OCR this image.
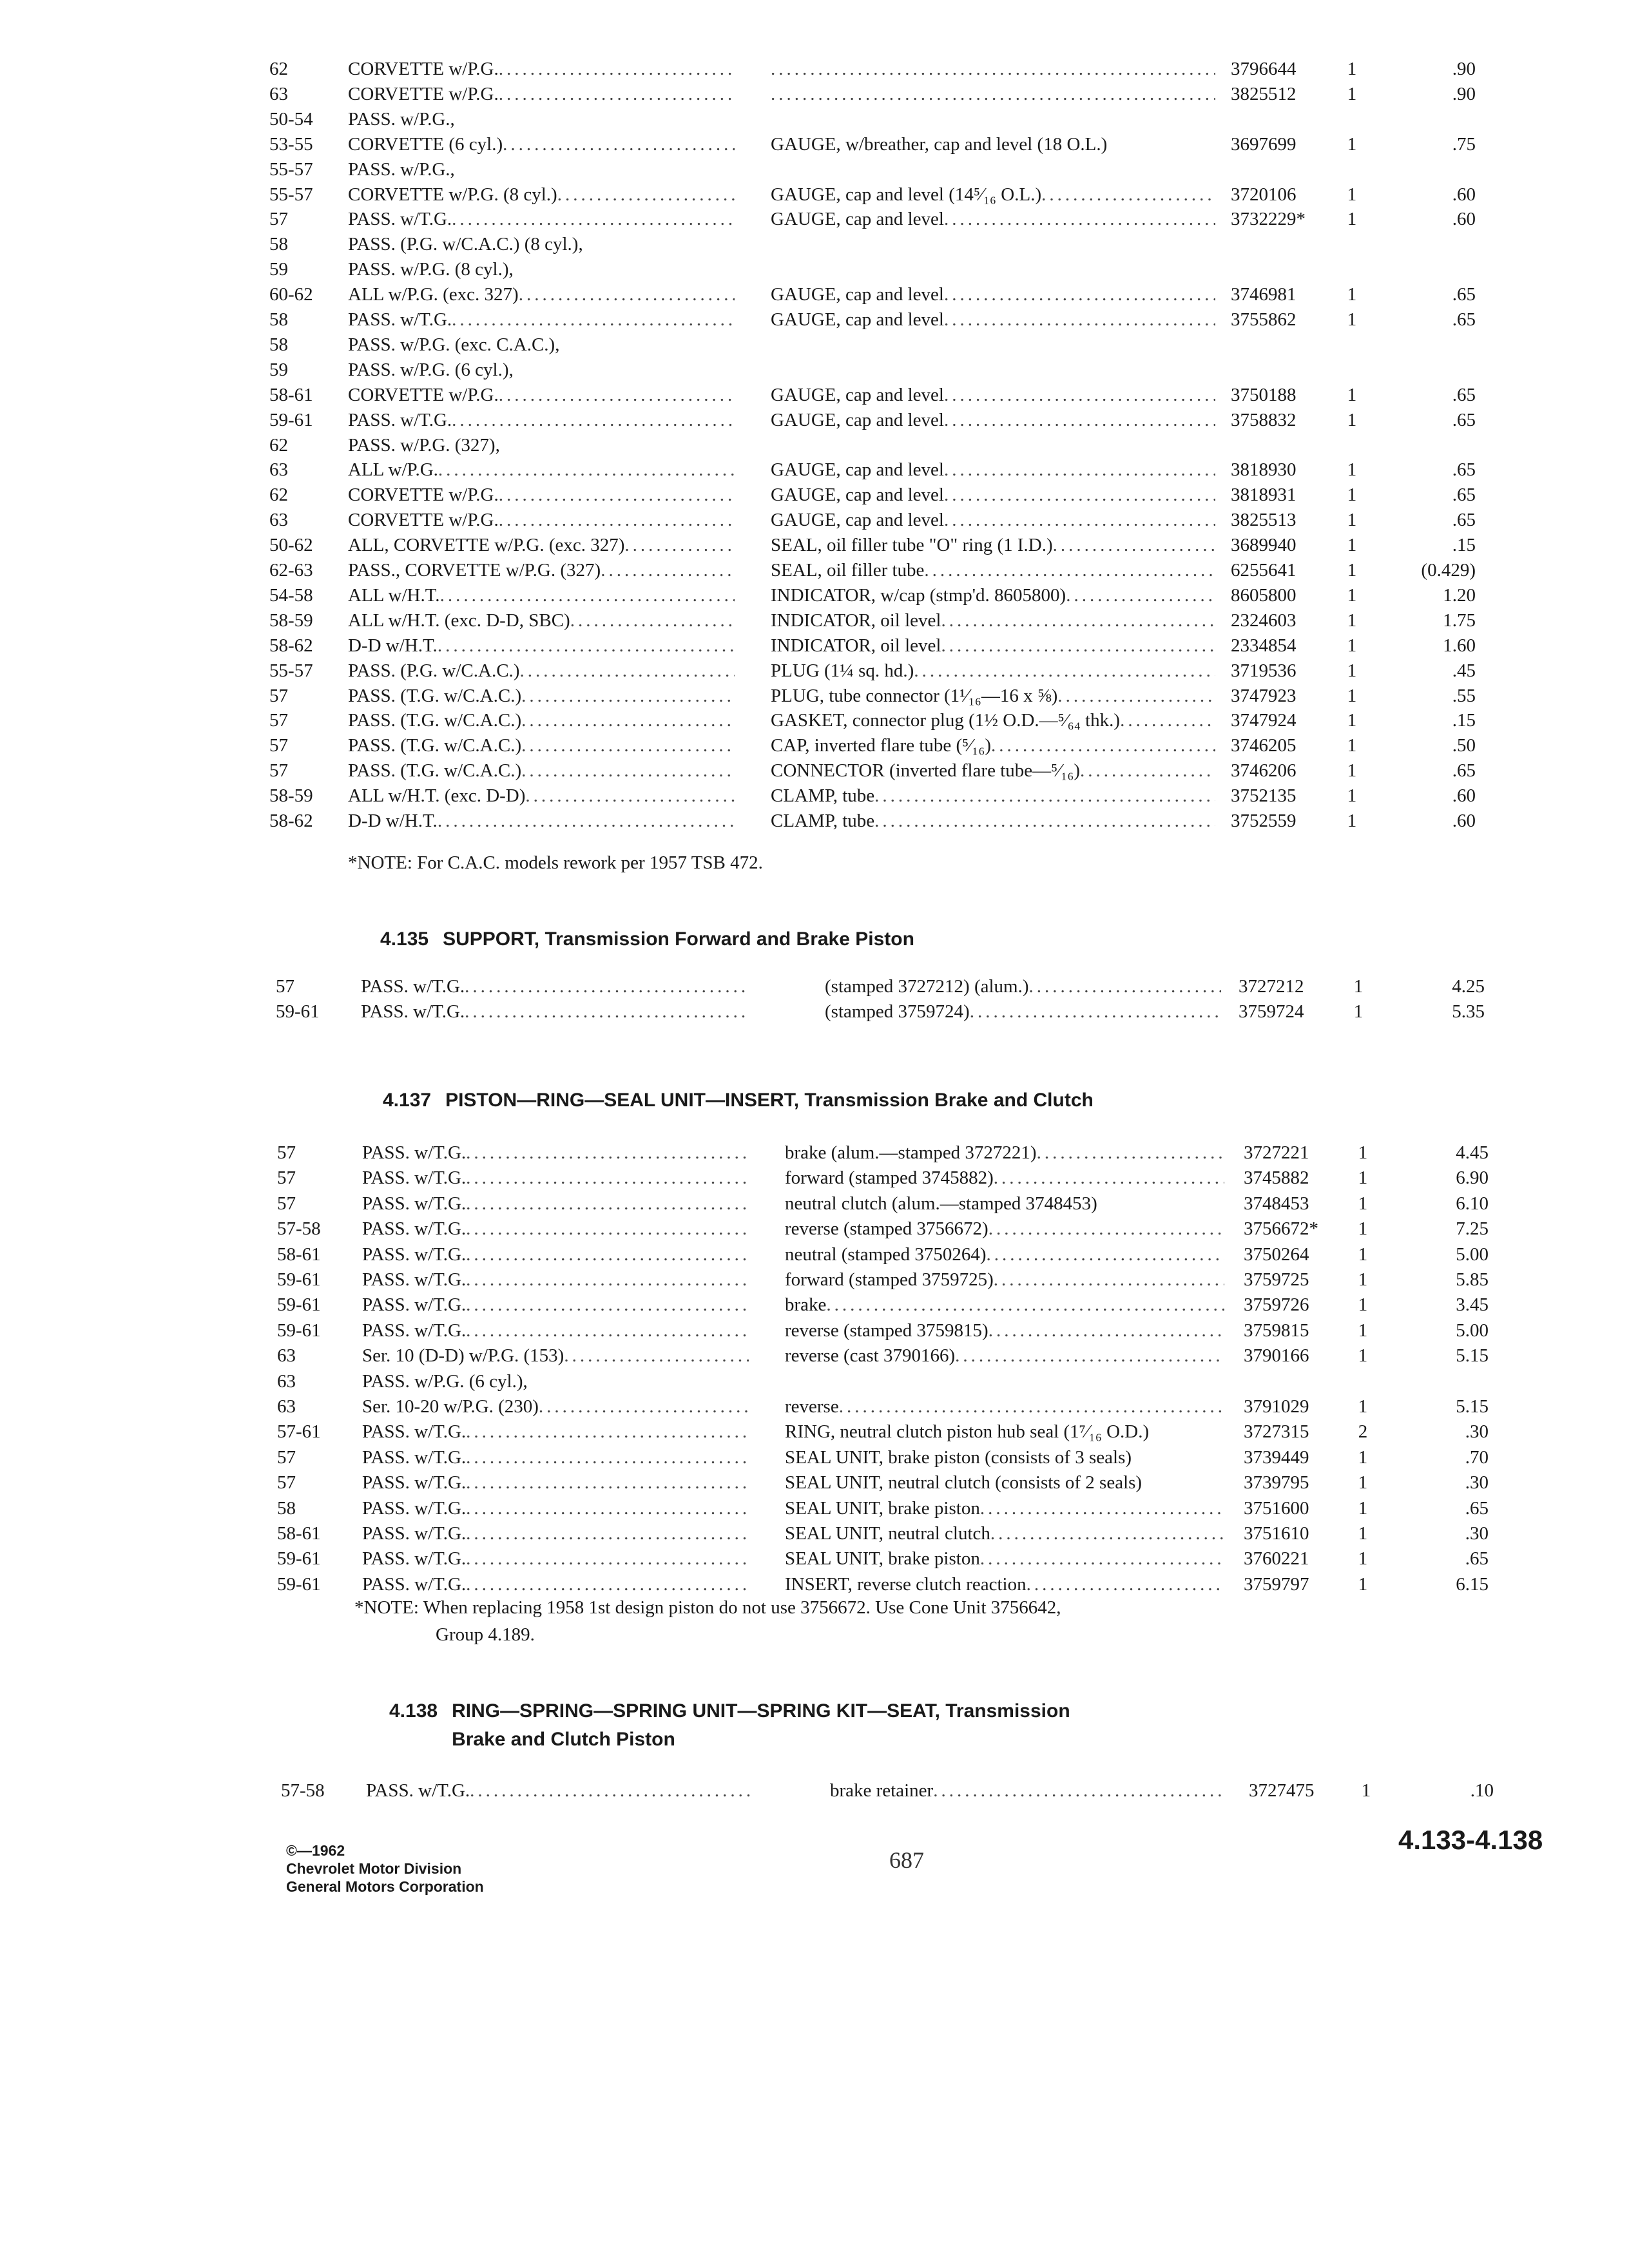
62	CORVETTE w/P.G. ..... .....	3796644	1	.90
63	CORVETTE w/P.G. ..... .....	3825512	1	.90
50-54	PASS. w/P.G.,
53-55	CORVETTE (6 cyl.) .....	GAUGE, w/breather, cap and level (18 O.L.)	3697699	1	.75
55-57	PASS. w/P.G.,
55-57	CORVETTE w/P.G. (8 cyl.) .....	GAUGE, cap and level (14⁵⁄₁₆ O.L.) .....	3720106	1	.60
57	PASS. w/T.G. .....	GAUGE, cap and level .....	3732229*	1	.60
58	PASS. (P.G. w/C.A.C.) (8 cyl.),
59	PASS. w/P.G. (8 cyl.),
60-62	ALL w/P.G. (exc. 327) .....	GAUGE, cap and level .....	3746981	1	.65
58	PASS. w/T.G. .....	GAUGE, cap and level .....	3755862	1	.65
58	PASS. w/P.G. (exc. C.A.C.),
59	PASS. w/P.G. (6 cyl.),
58-61	CORVETTE w/P.G. .....	GAUGE, cap and level .....	3750188	1	.65
59-61	PASS. w/T.G. .....	GAUGE, cap and level .....	3758832	1	.65
62	PASS. w/P.G. (327),
63	ALL w/P.G. .....	GAUGE, cap and level .....	3818930	1	.65
62	CORVETTE w/P.G. .....	GAUGE, cap and level .....	3818931	1	.65
63	CORVETTE w/P.G. .....	GAUGE, cap and level .....	3825513	1	.65
50-62	ALL, CORVETTE w/P.G. (exc. 327) .....	SEAL, oil filler tube "O" ring (1 I.D.) .....	3689940	1	.15
62-63	PASS., CORVETTE w/P.G. (327) .....	SEAL, oil filler tube .....	6255641	1	(0.429)
54-58	ALL w/H.T. .....	INDICATOR, w/cap (stmp'd. 8605800) .....	8605800	1	1.20
58-59	ALL w/H.T. (exc. D-D, SBC) .....	INDICATOR, oil level .....	2324603	1	1.75
58-62	D-D w/H.T. .....	INDICATOR, oil level .....	2334854	1	1.60
55-57	PASS. (P.G. w/C.A.C.) .....	PLUG (1¼ sq. hd.) .....	3719536	1	.45
57	PASS. (T.G. w/C.A.C.) .....	PLUG, tube connector (1¹⁄₁₆—16 x ⅝) .....	3747923	1	.55
57	PASS. (T.G. w/C.A.C.) .....	GASKET, connector plug (1½ O.D.—⁵⁄₆₄ thk.) .....	3747924	1	.15
57	PASS. (T.G. w/C.A.C.) .....	CAP, inverted flare tube (⁵⁄₁₆) .....	3746205	1	.50
57	PASS. (T.G. w/C.A.C.) .....	CONNECTOR (inverted flare tube—⁵⁄₁₆) .....	3746206	1	.65
58-59	ALL w/H.T. (exc. D-D) .....	CLAMP, tube .....	3752135	1	.60
58-62	D-D w/H.T. .....	CLAMP, tube .....	3752559	1	.60
*NOTE: For C.A.C. models rework per 1957 TSB 472.
4.135 SUPPORT, Transmission Forward and Brake Piston
57	PASS. w/T.G. .....	(stamped 3727212) (alum.) .....	3727212	1	4.25
59-61	PASS. w/T.G. .....	(stamped 3759724) .....	3759724	1	5.35
4.137 PISTON—RING—SEAL UNIT—INSERT, Transmission Brake and Clutch
57	PASS. w/T.G. .....	brake (alum.—stamped 3727221) .....	3727221	1	4.45
57	PASS. w/T.G. .....	forward (stamped 3745882) .....	3745882	1	6.90
57	PASS. w/T.G. .....	neutral clutch (alum.—stamped 3748453)	3748453	1	6.10
57-58	PASS. w/T.G. .....	reverse (stamped 3756672) .....	3756672*	1	7.25
58-61	PASS. w/T.G. .....	neutral (stamped 3750264) .....	3750264	1	5.00
59-61	PASS. w/T.G. .....	forward (stamped 3759725) .....	3759725	1	5.85
59-61	PASS. w/T.G. .....	brake .....	3759726	1	3.45
59-61	PASS. w/T.G. .....	reverse (stamped 3759815) .....	3759815	1	5.00
63	Ser. 10 (D-D) w/P.G. (153) .....	reverse (cast 3790166) .....	3790166	1	5.15
63	PASS. w/P.G. (6 cyl.),
63	Ser. 10-20 w/P.G. (230) .....	reverse .....	3791029	1	5.15
57-61	PASS. w/T.G. .....	RING, neutral clutch piston hub seal (1⁷⁄₁₆ O.D.)	3727315	2	.30
57	PASS. w/T.G. .....	SEAL UNIT, brake piston (consists of 3 seals)	3739449	1	.70
57	PASS. w/T.G. .....	SEAL UNIT, neutral clutch (consists of 2 seals)	3739795	1	.30
58	PASS. w/T.G. .....	SEAL UNIT, brake piston .....	3751600	1	.65
58-61	PASS. w/T.G. .....	SEAL UNIT, neutral clutch .....	3751610	1	.30
59-61	PASS. w/T.G. .....	SEAL UNIT, brake piston .....	3760221	1	.65
59-61	PASS. w/T.G. .....	INSERT, reverse clutch reaction .....	3759797	1	6.15
*NOTE: When replacing 1958 1st design piston do not use 3756672. Use Cone Unit 3756642,
Group 4.189.
4.138 RING—SPRING—SPRING UNIT—SPRING KIT—SEAT, Transmission
Brake and Clutch Piston
57-58	PASS. w/T.G. .....	brake retainer .....	3727475	1	.10
©—1962
Chevrolet Motor Division
General Motors Corporation
687
4.133-4.138
